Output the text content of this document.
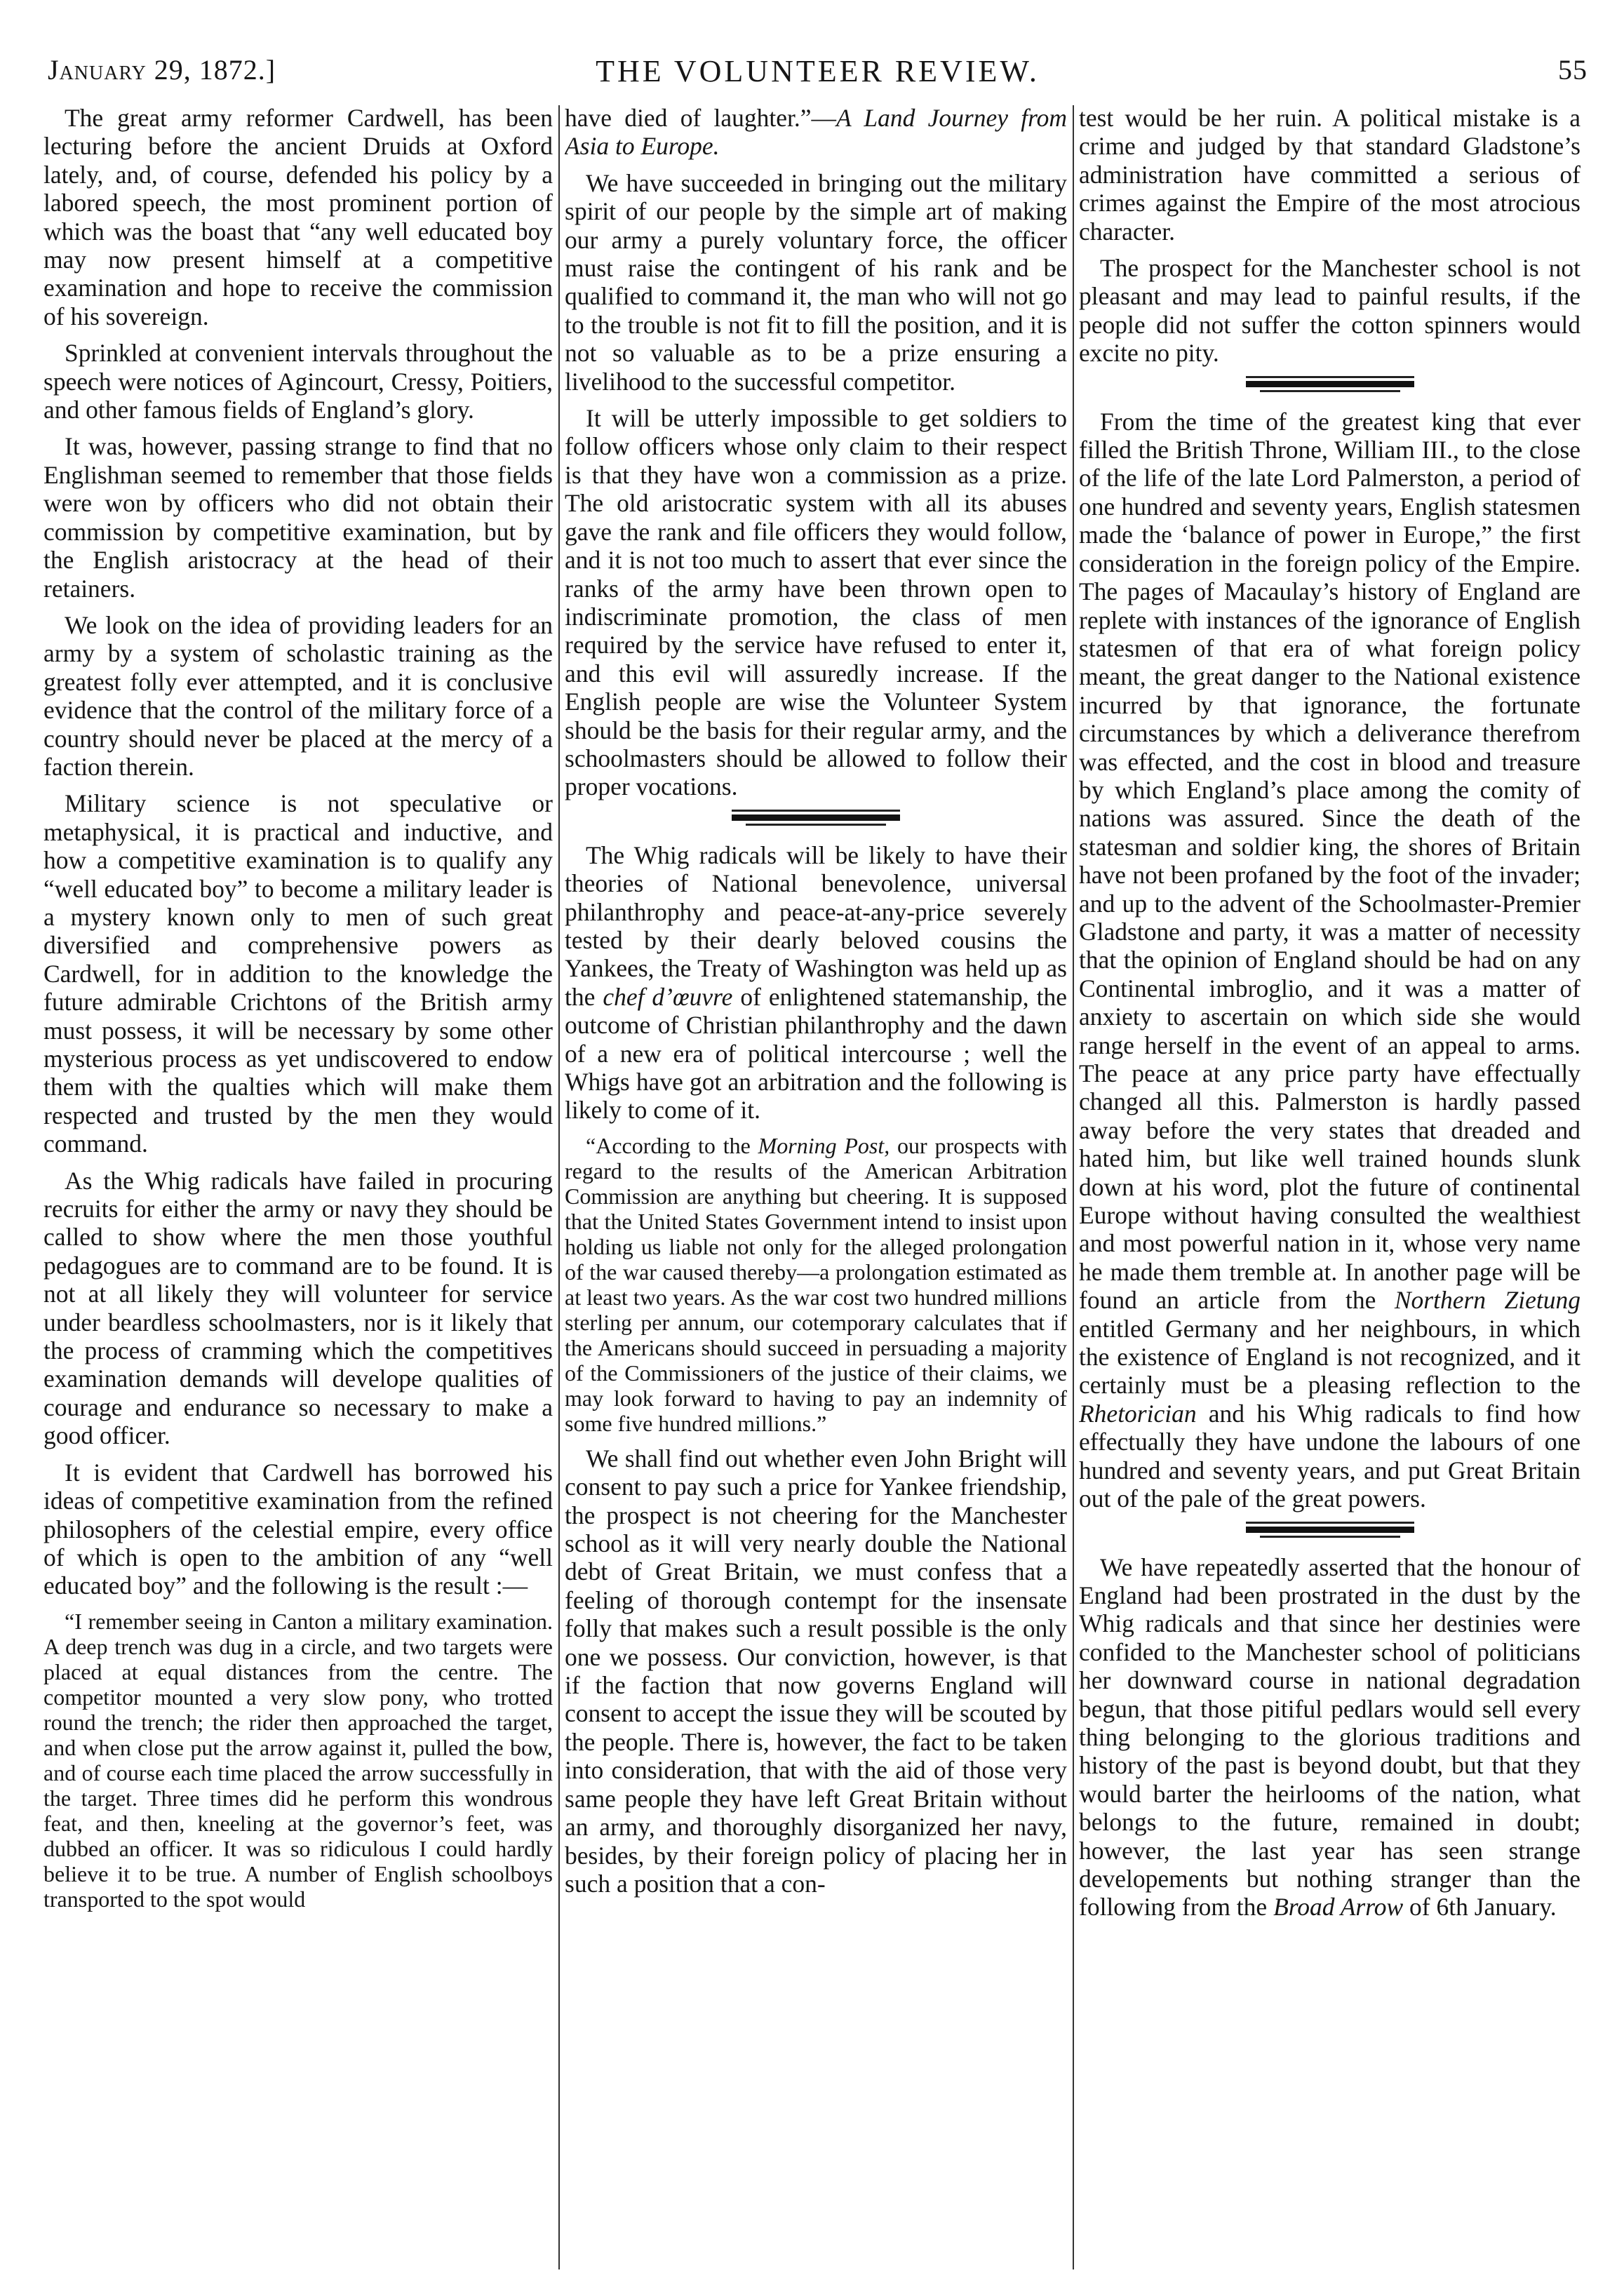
January 29, 1872.]	THE VOLUNTEER REVIEW.	55

The great army reformer Cardwell, has been lecturing before the ancient Druids at Oxford lately, and, of course, defended his policy by a labored speech, the most prominent portion of which was the boast that “any well educated boy may now present himself at a competitive examination and hope to receive the commission of his sovereign.

Sprinkled at convenient intervals throughout the speech were notices of Agincourt, Cressy, Poitiers, and other famous fields of England’s glory.

It was, however, passing strange to find that no Englishman seemed to remember that those fields were won by officers who did not obtain their commission by competitive examination, but by the English aristocracy at the head of their retainers.

We look on the idea of providing leaders for an army by a system of scholastic training as the greatest folly ever attempted, and it is conclusive evidence that the control of the military force of a country should never be placed at the mercy of a faction therein.

Military science is not speculative or metaphysical, it is practical and inductive, and how a competitive examination is to qualify any “well educated boy” to become a military leader is a mystery known only to men of such great diversified and comprehensive powers as Cardwell, for in addition to the knowledge the future admirable Crichtons of the British army must possess, it will be necessary by some other mysterious process as yet undiscovered to endow them with the qualties which will make them respected and trusted by the men they would command.

As the Whig radicals have failed in procuring recruits for either the army or navy they should be called to show where the men those youthful pedagogues are to command are to be found. It is not at all likely they will volunteer for service under beardless schoolmasters, nor is it likely that the process of cramming which the competitives examination demands will develope qualities of courage and endurance so necessary to make a good officer.

It is evident that Cardwell has borrowed his ideas of competitive examination from the refined philosophers of the celestial empire, every office of which is open to the ambition of any “well educated boy” and the following is the result :—

“I remember seeing in Canton a military examination. A deep trench was dug in a circle, and two targets were placed at equal distances from the centre. The competitor mounted a very slow pony, who trotted round the trench; the rider then approached the target, and when close put the arrow against it, pulled the bow, and of course each time placed the arrow successfully in the target. Three times did he perform this wondrous feat, and then, kneeling at the governor’s feet, was dubbed an officer. It was so ridiculous I could hardly believe it to be true. A number of English schoolboys transported to the spot would

have died of laughter.”—A Land Journey from Asia to Europe.

We have succeeded in bringing out the military spirit of our people by the simple art of making our army a purely voluntary force, the officer must raise the contingent of his rank and be qualified to command it, the man who will not go to the trouble is not fit to fill the position, and it is not so valuable as to be a prize ensuring a livelihood to the successful competitor.

It will be utterly impossible to get soldiers to follow officers whose only claim to their respect is that they have won a commission as a prize. The old aristocratic system with all its abuses gave the rank and file officers they would follow, and it is not too much to assert that ever since the ranks of the army have been thrown open to indiscriminate promotion, the class of men required by the service have refused to enter it, and this evil will assuredly increase. If the English people are wise the Volunteer System should be the basis for their regular army, and the schoolmasters should be allowed to follow their proper vocations.

The Whig radicals will be likely to have their theories of National benevolence, universal philanthrophy and peace-at-any-price severely tested by their dearly beloved cousins the Yankees, the Treaty of Washington was held up as the chef d’œuvre of enlightened statemanship, the outcome of Christian philanthrophy and the dawn of a new era of political intercourse ; well the Whigs have got an arbitration and the following is likely to come of it.

“According to the Morning Post, our prospects with regard to the results of the American Arbitration Commission are anything but cheering. It is supposed that the United States Government intend to insist upon holding us liable not only for the alleged prolongation of the war caused thereby—a prolongation estimated as at least two years. As the war cost two hundred millions sterling per annum, our cotemporary calculates that if the Americans should succeed in persuading a majority of the Commissioners of the justice of their claims, we may look forward to having to pay an indemnity of some five hundred millions.”

We shall find out whether even John Bright will consent to pay such a price for Yankee friendship, the prospect is not cheering for the Manchester school as it will very nearly double the National debt of Great Britain, we must confess that a feeling of thorough contempt for the insensate folly that makes such a result possible is the only one we possess. Our conviction, however, is that if the faction that now governs England will consent to accept the issue they will be scouted by the people. There is, however, the fact to be taken into consideration, that with the aid of those very same people they have left Great Britain without an army, and thoroughly disorganized her navy, besides, by their foreign policy of placing her in such a position that a con-

test would be her ruin. A political mistake is a crime and judged by that standard Gladstone’s administration have committed a serious of crimes against the Empire of the most atrocious character.

The prospect for the Manchester school is not pleasant and may lead to painful results, if the people did not suffer the cotton spinners would excite no pity.

From the time of the greatest king that ever filled the British Throne, William III., to the close of the life of the late Lord Palmerston, a period of one hundred and seventy years, English statesmen made the ‘balance of power in Europe,” the first consideration in the foreign policy of the Empire. The pages of Macaulay’s history of England are replete with instances of the ignorance of English statesmen of that era of what foreign policy meant, the great danger to the National existence incurred by that ignorance, the fortunate circumstances by which a deliverance therefrom was effected, and the cost in blood and treasure by which England’s place among the comity of nations was assured. Since the death of the statesman and soldier king, the shores of Britain have not been profaned by the foot of the invader; and up to the advent of the Schoolmaster-Premier Gladstone and party, it was a matter of necessity that the opinion of England should be had on any Continental imbroglio, and it was a matter of anxiety to ascertain on which side she would range herself in the event of an appeal to arms. The peace at any price party have effectually changed all this. Palmerston is hardly passed away before the very states that dreaded and hated him, but like well trained hounds slunk down at his word, plot the future of continental Europe without having consulted the wealthiest and most powerful nation in it, whose very name he made them tremble at. In another page will be found an article from the Northern Zietung entitled Germany and her neighbours, in which the existence of England is not recognized, and it certainly must be a pleasing reflection to the Rhetorician and his Whig radicals to find how effectually they have undone the labours of one hundred and seventy years, and put Great Britain out of the pale of the great powers.

We have repeatedly asserted that the honour of England had been prostrated in the dust by the Whig radicals and that since her destinies were confided to the Manchester school of politicians her downward course in national degradation begun, that those pitiful pedlars would sell every thing belonging to the glorious traditions and history of the past is beyond doubt, but that they would barter the heirlooms of the nation, what belongs to the future, remained in doubt; however, the last year has seen strange developements but nothing stranger than the following from the Broad Arrow of 6th January.
